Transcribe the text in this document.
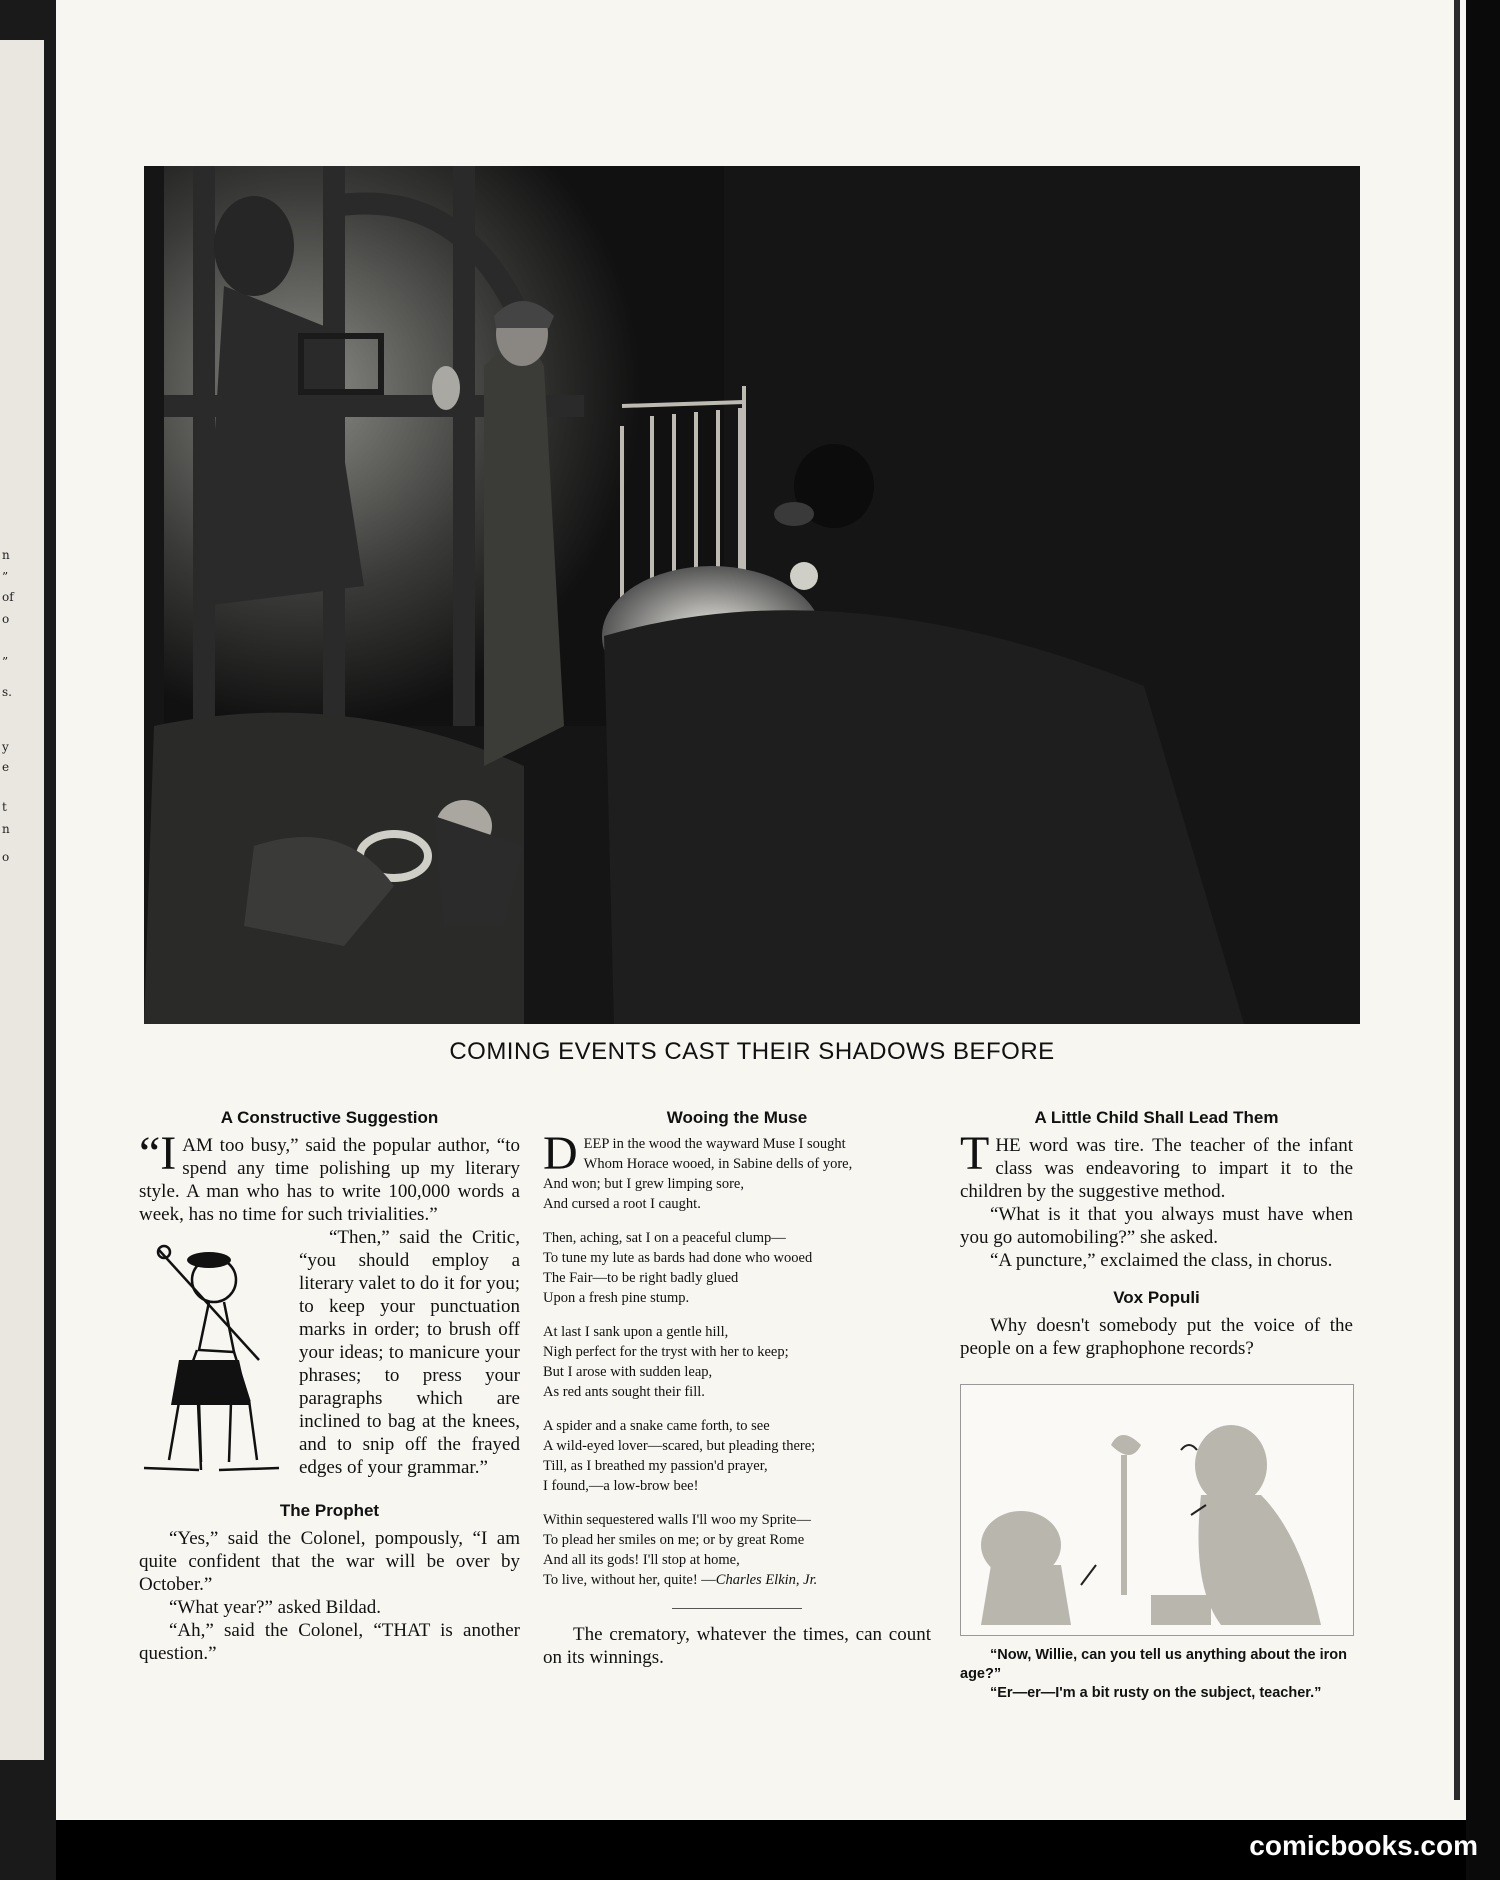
n
”
of
o
”
s.
y
e
t
n
o
COMING EVENTS CAST THEIR SHADOWS BEFORE
A Constructive Suggestion

“IAM too busy,” said the popular author, “to spend any time polishing up my literary style. A man who has to write 100,000 words a week, has no time for such trivialities.”

“Then,” said the Critic, “you should employ a literary valet to do it for you; to keep your punctuation marks in order; to brush off your ideas; to manicure your phrases; to press your paragraphs which are inclined to bag at the knees, and to snip off the frayed edges of your grammar.”

The Prophet

“Yes,” said the Colonel, pompously, “I am quite confident that the war will be over by October.”

“What year?” asked Bildad.

“Ah,” said the Colonel, “THAT is another question.”

Wooing the Muse
D EEP in the wood the wayward Muse I sought
Whom Horace wooed, in Sabine dells of yore,
And won; but I grew limping sore,
And cursed a root I caught.
Then, aching, sat I on a peaceful clump—
To tune my lute as bards had done who wooed
The Fair—to be right badly glued
Upon a fresh pine stump.
At last I sank upon a gentle hill,
Nigh perfect for the tryst with her to keep;
But I arose with sudden leap,
As red ants sought their fill.
A spider and a snake came forth, to see
A wild-eyed lover—scared, but pleading there;
Till, as I breathed my passion'd prayer,
I found,—a low-brow bee!
Within sequestered walls I'll woo my Sprite—
To plead her smiles on me; or by great Rome
And all its gods! I'll stop at home,
To live, without her, quite! —Charles Elkin, Jr.

The crematory, whatever the times, can count on its winnings.

A Little Child Shall Lead Them

THE word was tire. The teacher of the infant class was endeavoring to impart it to the children by the suggestive method.

“What is it that you always must have when you go automobiling?” she asked.

“A puncture,” exclaimed the class, in chorus.

Vox Populi

Why doesn't somebody put the voice of the people on a few graphophone records?

“Now, Willie, can you tell us anything about the iron age?”

“Er—er—I'm a bit rusty on the subject, teacher.”

comicbooks.com
